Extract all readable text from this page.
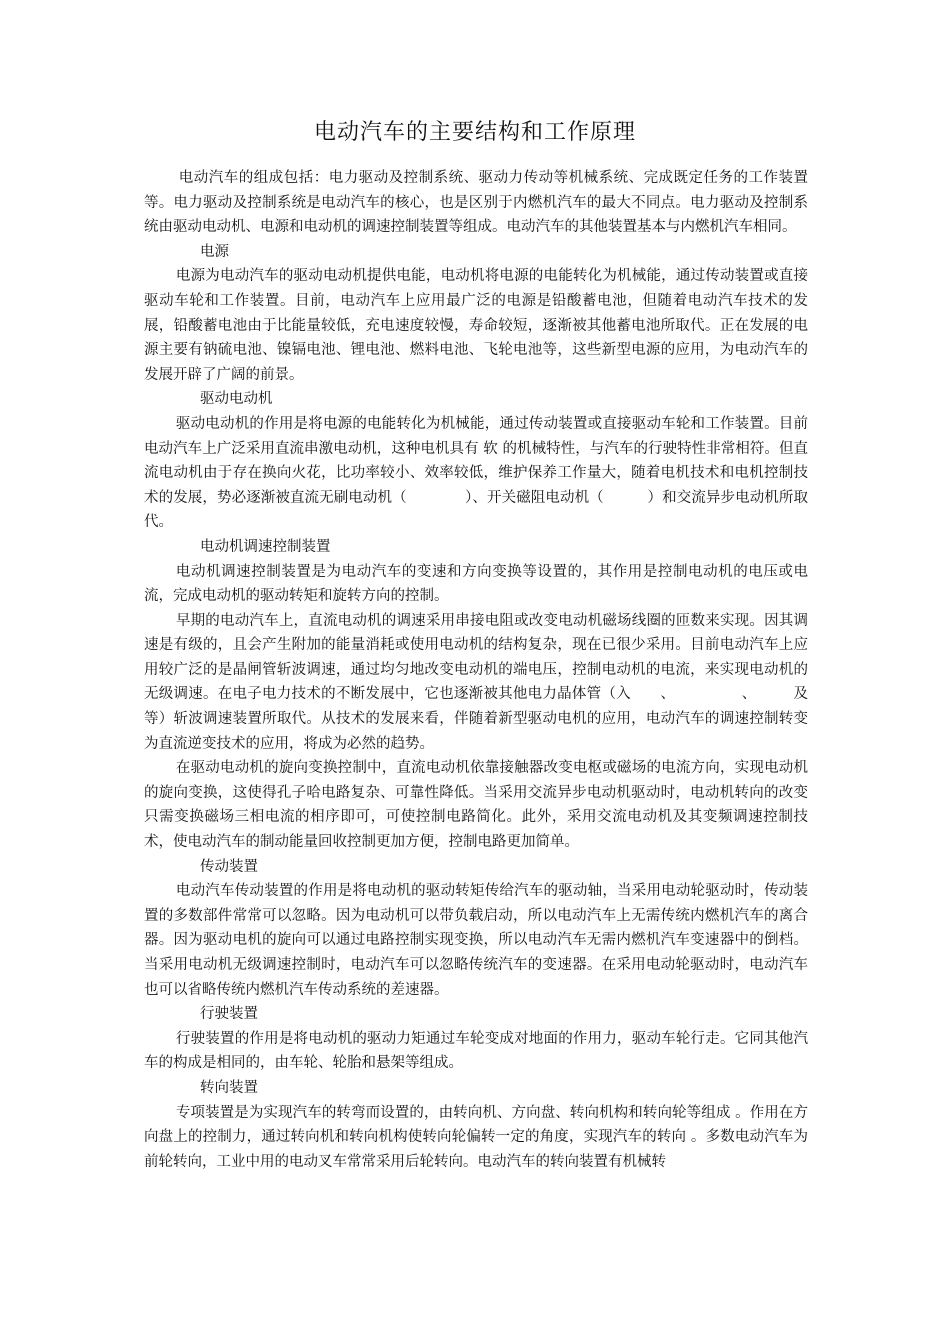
电动汽车的主要结构和工作原理

电动汽车的组成包括：电力驱动及控制系统、驱动力传动等机械系统、完成既定任务的工作装置等。电力驱动及控制系统是电动汽车的核心，也是区别于内燃机汽车的最大不同点。电力驱动及控制系统由驱动电动机、电源和电动机的调速控制装置等组成。电动汽车的其他装置基本与内燃机汽车相同。

电源

电源为电动汽车的驱动电动机提供电能，电动机将电源的电能转化为机械能，通过传动装置或直接驱动车轮和工作装置。目前，电动汽车上应用最广泛的电源是铅酸蓄电池，但随着电动汽车技术的发展，铅酸蓄电池由于比能量较低，充电速度较慢，寿命较短，逐渐被其他蓄电池所取代。正在发展的电源主要有钠硫电池、镍镉电池、锂电池、燃料电池、飞轮电池等，这些新型电源的应用，为电动汽车的发展开辟了广阔的前景。

驱动电动机

驱动电动机的作用是将电源的电能转化为机械能，通过传动装置或直接驱动车轮和工作装置。目前电动汽车上广泛采用直流串激电动机，这种电机具有 软 的机械特性，与汽车的行驶特性非常相符。但直流电动机由于存在换向火花，比功率较小、效率较低，维护保养工作量大，随着电机技术和电机控制技术的发展，势必逐渐被直流无刷电动机（　　　　）、开关磁阻电动机（　　　）和交流异步电动机所取代。

电动机调速控制装置

电动机调速控制装置是为电动汽车的变速和方向变换等设置的，其作用是控制电动机的电压或电流，完成电动机的驱动转矩和旋转方向的控制。

早期的电动汽车上，直流电动机的调速采用串接电阻或改变电动机磁场线圈的匝数来实现。因其调速是有级的，且会产生附加的能量消耗或使用电动机的结构复杂，现在已很少采用。目前电动汽车上应用较广泛的是晶闸管斩波调速，通过均匀地改变电动机的端电压，控制电动机的电流，来实现电动机的无级调速。在电子电力技术的不断发展中，它也逐渐被其他电力晶体管（入　　、　　　　　、　　　及　　　等）斩波调速装置所取代。从技术的发展来看，伴随着新型驱动电机的应用，电动汽车的调速控制转变为直流逆变技术的应用，将成为必然的趋势。

在驱动电动机的旋向变换控制中，直流电动机依靠接触器改变电枢或磁场的电流方向，实现电动机的旋向变换，这使得孔子哈电路复杂、可靠性降低。当采用交流异步电动机驱动时，电动机转向的改变只需变换磁场三相电流的相序即可，可使控制电路简化。此外，采用交流电动机及其变频调速控制技术，使电动汽车的制动能量回收控制更加方便，控制电路更加简单。

传动装置

电动汽车传动装置的作用是将电动机的驱动转矩传给汽车的驱动轴，当采用电动轮驱动时，传动装置的多数部件常常可以忽略。因为电动机可以带负载启动，所以电动汽车上无需传统内燃机汽车的离合器。因为驱动电机的旋向可以通过电路控制实现变换，所以电动汽车无需内燃机汽车变速器中的倒档。当采用电动机无级调速控制时，电动汽车可以忽略传统汽车的变速器。在采用电动轮驱动时，电动汽车也可以省略传统内燃机汽车传动系统的差速器。

行驶装置

行驶装置的作用是将电动机的驱动力矩通过车轮变成对地面的作用力，驱动车轮行走。它同其他汽车的构成是相同的，由车轮、轮胎和悬架等组成。

转向装置

专项装置是为实现汽车的转弯而设置的，由转向机、方向盘、转向机构和转向轮等组成 。作用在方向盘上的控制力，通过转向机和转向机构使转向轮偏转一定的角度，实现汽车的转向 。多数电动汽车为前轮转向，工业中用的电动叉车常常采用后轮转向。电动汽车的转向装置有机械转
